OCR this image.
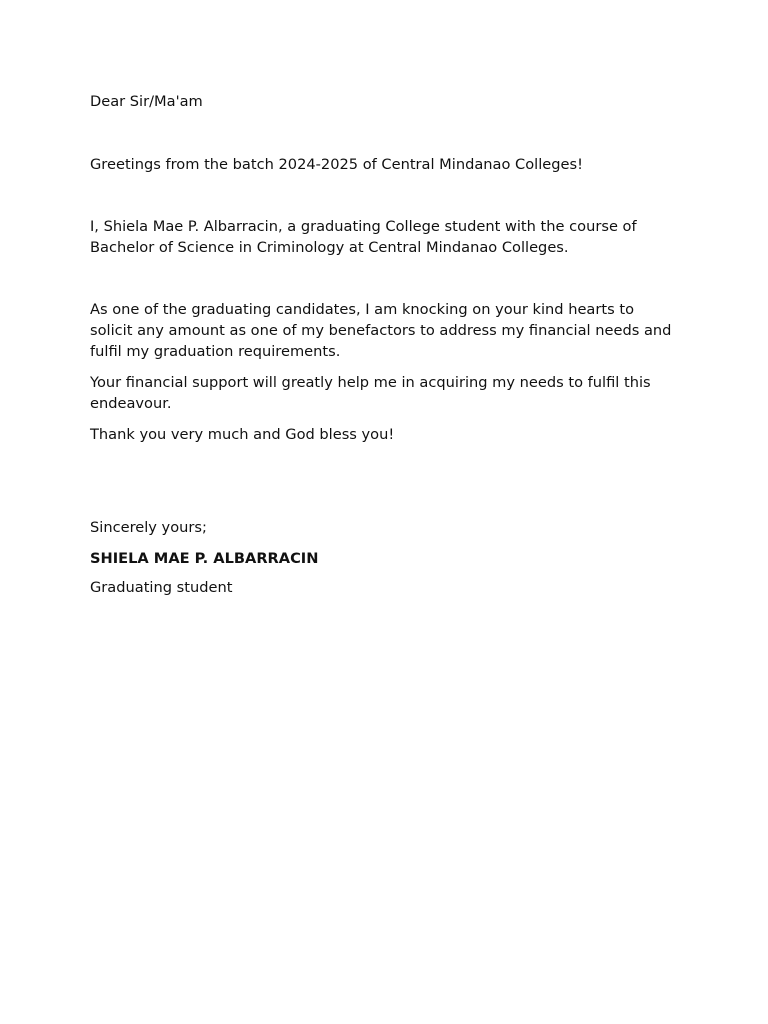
Dear Sir/Ma'am

Greetings from the batch 2024-2025 of Central Mindanao Colleges!

I, Shiela Mae P. Albarracin, a graduating College student with the course of Bachelor of Science in Criminology at Central Mindanao Colleges.

As one of the graduating candidates, I am knocking on your kind hearts to solicit any amount as one of my benefactors to address my financial needs and fulfil my graduation requirements.

Your financial support will greatly help me in acquiring my needs to fulfil this endeavour.

Thank you very much and God bless you!

Sincerely yours;

SHIELA MAE P. ALBARRACIN

Graduating student
